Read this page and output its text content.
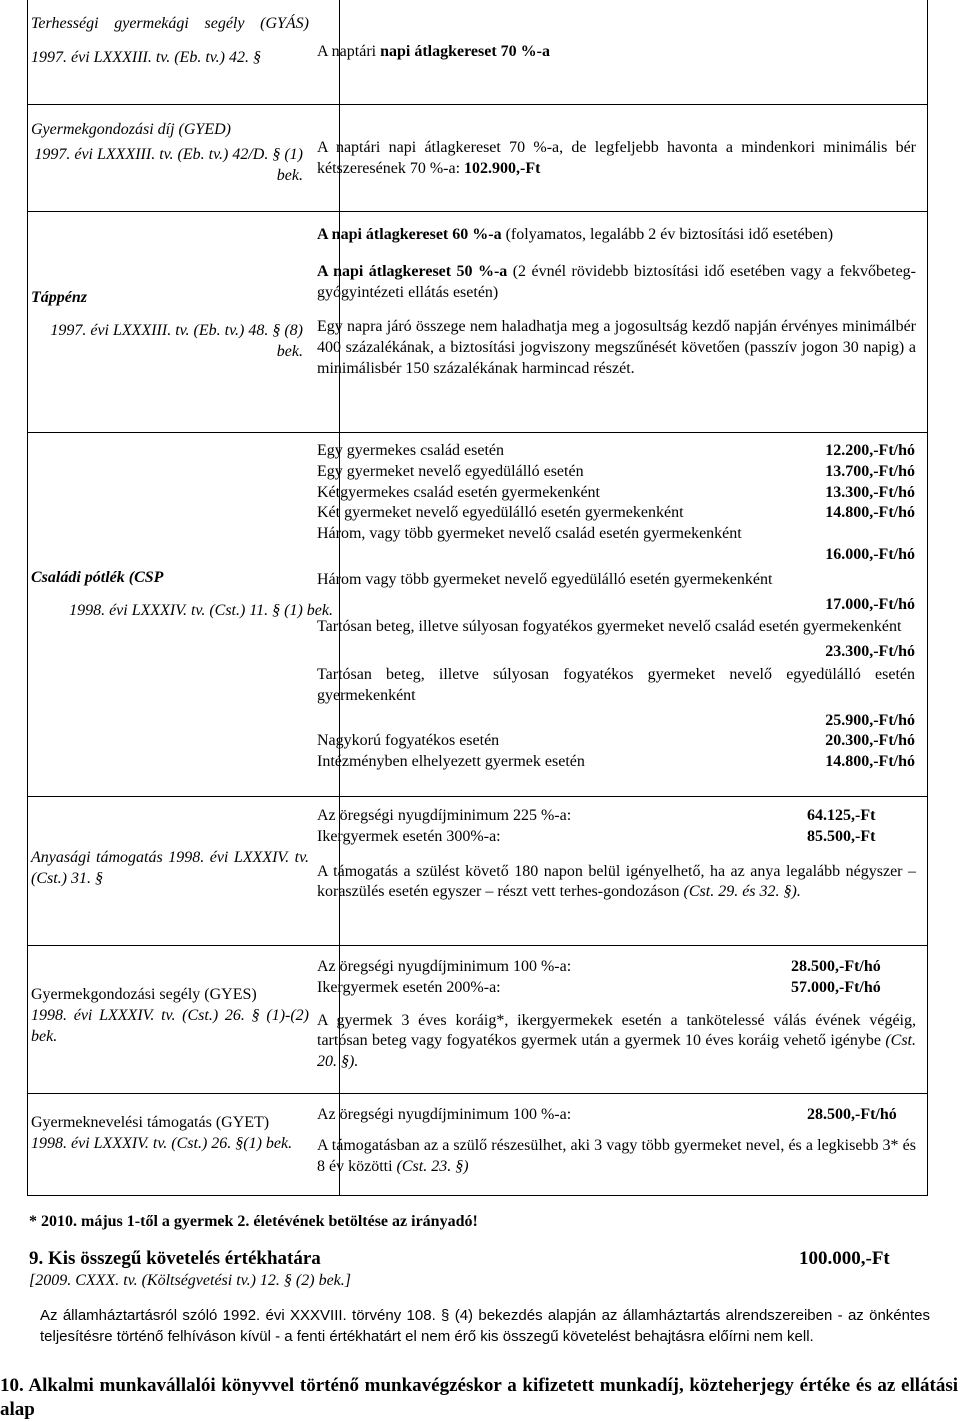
Terhességi gyermekági segély (GYÁS)
1997. évi LXXXIII. tv. (Eb. tv.) 42. §	A naptári napi átlagkereset 70 %-a
Gyermekgondozási díj (GYED)
1997. évi LXXXIII. tv. (Eb. tv.) 42/D. § (1) bek.
A naptári napi átlagkereset 70 %-a, de legfeljebb havonta a mindenkori minimális bér kétszeresének 70 %-a: 102.900,-Ft
Táppénz
1997. évi LXXXIII. tv. (Eb. tv.) 48. § (8) bek.

A napi átlagkereset 60 %-a (folyamatos, legalább 2 év biztosítási idő esetében)

A napi átlagkereset 50 %-a (2 évnél rövidebb biztosítási idő esetében vagy a fekvőbeteg-gyógyintézeti ellátás esetén)

Egy napra járó összege nem haladhatja meg a jogosultság kezdő napján érvényes minimálbér 400 százalékának, a biztosítási jogviszony megszűnését követően (passzív jogon 30 napig) a minimálisbér 150 százalékának harmincad részét.

Családi pótlék (CSP
1998. évi LXXXIV. tv. (Cst.) 11. § (1) bek.
Egy gyermekes család esetén	12.200,-Ft/hó
Egy gyermeket nevelő egyedülálló esetén	13.700,-Ft/hó
Kétgyermekes család esetén gyermekenként	13.300,-Ft/hó
Két gyermeket nevelő egyedülálló esetén gyermekenként	14.800,-Ft/hó
Három, vagy több gyermeket nevelő család esetén gyermekenként
16.000,-Ft/hó
Három vagy több gyermeket nevelő egyedülálló esetén gyermekenként
17.000,-Ft/hó
Tartósan beteg, illetve súlyosan fogyatékos gyermeket nevelő család esetén gyermekenként
23.300,-Ft/hó
Tartósan beteg, illetve súlyosan fogyatékos gyermeket nevelő egyedülálló esetén gyermekenként
25.900,-Ft/hó
Nagykorú fogyatékos esetén	20.300,-Ft/hó
Intézményben elhelyezett gyermek esetén	14.800,-Ft/hó
Anyasági támogatás 1998. évi LXXXIV. tv. (Cst.) 31. §
Az öregségi nyugdíjminimum 225 %-a:	64.125,-Ft
Ikergyermek esetén 300%-a:	85.500,-Ft

A támogatás a szülést követő 180 napon belül igényelhető, ha az anya legalább négyszer – koraszülés esetén egyszer – részt vett terhes-gondozáson (Cst. 29. és 32. §).

Gyermekgondozási segély (GYES)
1998. évi LXXXIV. tv. (Cst.) 26. § (1)-(2) bek.
Az öregségi nyugdíjminimum 100 %-a:	28.500,-Ft/hó
Ikergyermek esetén 200%-a:	57.000,-Ft/hó

A gyermek 3 éves koráig*, ikergyermekek esetén a tankötelessé válás évének végéig, tartósan beteg vagy fogyatékos gyermek után a gyermek 10 éves koráig vehető igénybe (Cst. 20. §).

Gyermeknevelési támogatás (GYET) 1998. évi LXXXIV. tv. (Cst.) 26. §(1) bek.
Az öregségi nyugdíjminimum 100 %-a:	28.500,-Ft/hó

A támogatásban az a szülő részesülhet, aki 3 vagy több gyermeket nevel, és a legkisebb 3* és 8 év közötti (Cst. 23. §)

* 2010. május 1-től a gyermek 2. életévének betöltése az irányadó!
9. Kis összegű követelés értékhatára	100.000,-Ft
[2009. CXXX. tv. (Költségvetési tv.) 12. § (2) bek.]
Az államháztartásról szóló 1992. évi XXXVIII. törvény 108. § (4) bekezdés alapján az államháztartás alrendszereiben - az önkéntes teljesítésre történő felhíváson kívül - a fenti értékhatárt el nem érő kis összegű követelést behajtásra előírni nem kell.
10. Alkalmi munkavállalói könyvvel történő munkavégzéskor a kifizetett munkadíj, közteherjegy értéke és az ellátási alap
